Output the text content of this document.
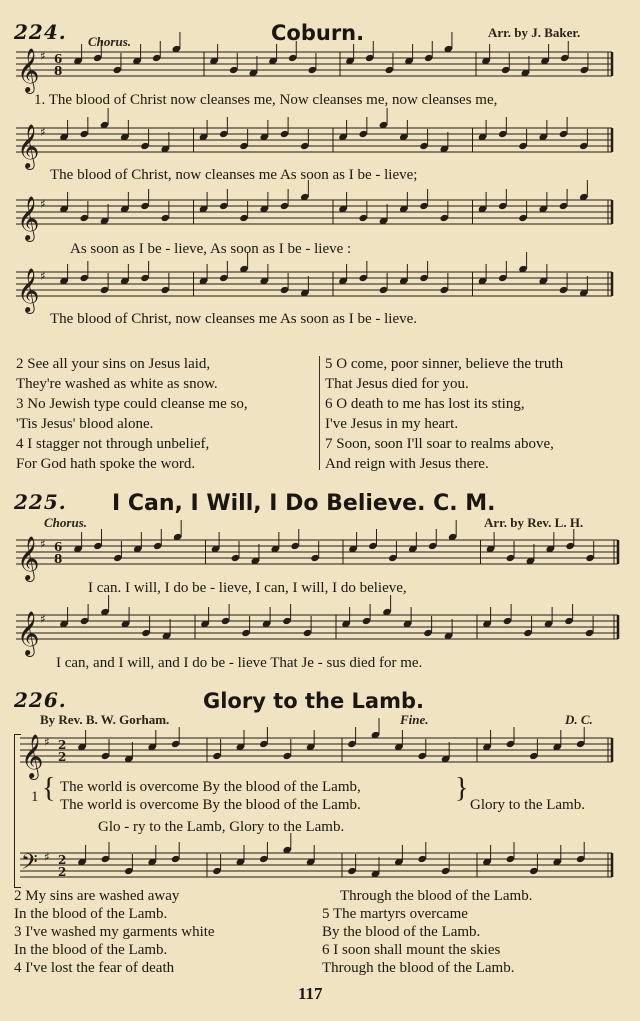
224. Chorus.	Coburn.	Arr. by J. Baker.
𝄞 ♯ 6
8
1. The blood of Christ now cleanses me, Now cleanses me, now cleanses me,
𝄞 ♯
The blood of Christ, now cleanses me As soon as I be - lieve;
𝄞 ♯
As soon as I be - lieve, As soon as I be - lieve :
𝄞 ♯
The blood of Christ, now cleanses me As soon as I be - lieve.
2 See all your sins on Jesus laid,
They're washed as white as snow.
3 No Jewish type could cleanse me so,
'Tis Jesus' blood alone.
4 I stagger not through unbelief,
For God hath spoke the word.
5 O come, poor sinner, believe the truth
That Jesus died for you.
6 O death to me has lost its sting,
I've Jesus in my heart.
7 Soon, soon I'll soar to realms above,
And reign with Jesus there.
225. I Can, I Will, I Do Believe. C. M.
Chorus.	Arr. by Rev. L. H.
𝄞 ♯ 6
8
I can. I will, I do be - lieve, I can, I will, I do believe,
𝄞 ♯
I can, and I will, and I do be - lieve That Je - sus died for me.
226.	Glory to the Lamb.
By Rev. B. W. Gorham.	Fine.	D. C.
𝄞 ♯ 2
2
1 { The world is overcome By the blood of the Lamb,
The world is overcome By the blood of the Lamb.
}
Glory to the Lamb.
Glo - ry to the Lamb, Glory to the Lamb.
𝄢 ♯ 2
2
2 My sins are washed away
In the blood of the Lamb.
3 I've washed my garments white
In the blood of the Lamb.
4 I've lost the fear of death
Through the blood of the Lamb.
5 The martyrs overcame
By the blood of the Lamb.
6 I soon shall mount the skies
Through the blood of the Lamb.
117
